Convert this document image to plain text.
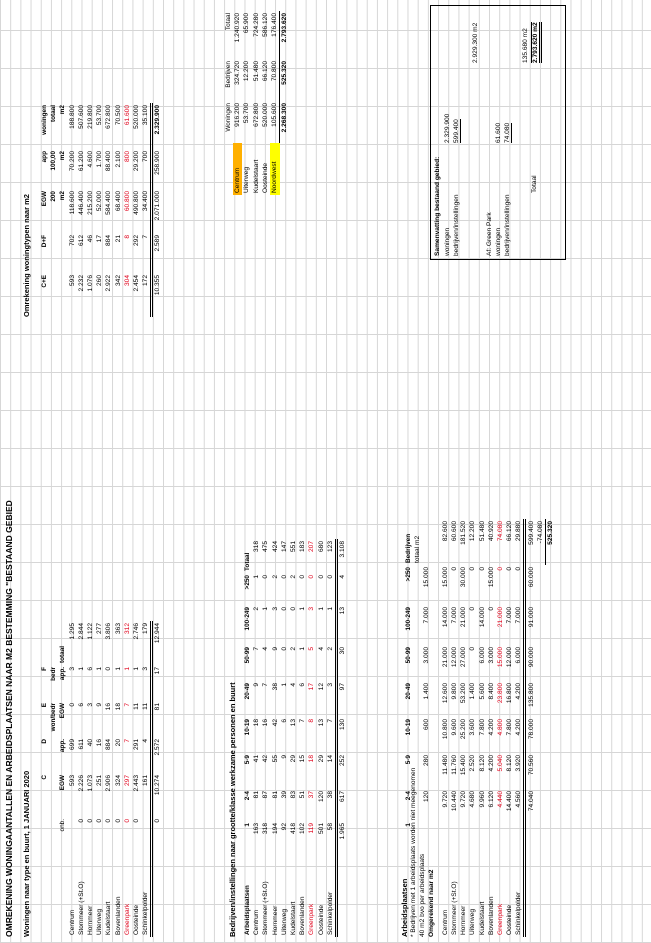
OMREKENING WONINGAANTALLEN EN ARBEIDSPLAATSEN NAAR M2 BESTEMMING "BESTAAND GEBIED Woningen naar type en buurt, 1 JANUARI 2020
		C	D	E	F	
				won/bedr	bedr	
	onb.	EGW	app.	EGW	app.	totaal
Centrum		593	699	0	3	1.295
Stommeer (+St.O)	0	2.226	611	6	1	2.844
Hornmeer	0	1.073	40	3	6	1.122
Uiterweg	0	251	16	9	1	277
Kudelstaart	0	2.906	884	16	0	3.806
Bovenlanden	0	324	20	18	1	363
Greenpark	0	297	7	7	1	312
Oosteinde	0	2.443	291	11	1	2.746
Schinkelpolder		161	4	11	3	179
	0	10.274	2.572	81	17	12.944
Bedrijven/instellingen naar grootte/klasse werkzame personen en buurt Arbeidsplaatsen	1	2-4	5-9	10-19	20-49	50-99	100-249	>250	Totaal
Centrum	163	81	41	18	9	7	2	1	318
Stommeer (+St.O)	318	87	42	16	7	4	1	0	475
Hornmeer	194	81	55	42	38	9	3	2	424
Uiterweg	92	39	9	6	1	0	0	0	147
Kudelstaart	418	83	29	13	4	2	0	2	551
Bovenlanden	102	51	15	7	6	1	1	0	183
Greenpark	119	37	18	8	17	5	3	0	207
Oosteinde	501	120	29	13	12	4	1	0	680
Schinkelpolder	58	38	14	7	3	2	1	0	123
	1.965	617	252	130	97	30	13	4	3.108
Arbeidsplaatsen * Bedrijven met 1 arbeidsplaats worden niet meegenomen 40 m2 bvo per arbeidsplaats Omgerekend naar m2
	1	2-4	5-9	10-19	20-49	50-99	100-249	>250	Bedrijven
									totaal m2
		120	280	600	1.400	3.000	7.000	15.000	

Centrum		9.720	11.480	10.800	12.600	21.000	14.000	15.000	82.600
Stommeer (+St.O)		10.440	11.760	9.600	9.800	12.000	7.000	0	60.600
Hornmeer		9.720	15.400	25.200	53.200	27.000	21.000	30.000	181.520
Uiterweg		4.680	2.520	3.600	1.400	0	0	0	12.200
Kudelstaart		9.960	8.120	7.800	5.600	6.000	14.000	0	51.480
Bovenlanden		6.120	4.200	4.200	8.400	3.000	0	15.000	40.920
Greenpark		4.440	5.040	4.800	23.800	15.000	21.000	0	74.080
Oosteinde		14.400	8.120	7.800	16.800	12.000	7.000	0	66.120
Schinkelpolder		4.560	3.920	4.200	4.200	6.000	7.000	0	29.880
		74.040	70.560	78.000	135.800	90.000	91.000	60.000	599.400
									-74.080
									525.320
Omrekening woningtypen naar m2 C+E	D+F	EGW	app	woningen
		200	100,00	totaal
		m2	m2	m2
593	702	118.600	70.200	188.800
2.232	612	446.400	61.200	507.600
1.076	46	215.200	4.600	219.800
260	17	52.000	1.700	53.700
2.922	884	584.400	88.400	672.800
342	21	68.400	2.100	70.500
304	8	60.800	800	61.600
2.454	292	490.800	29.200	520.000
172	7	34.400	700	35.100
10.355	2.589	2.071.000	258.900	2.329.900
		Woningen	Bedrijven	Totaal
Centrum	916.200	324.720	1.240.920
Uiterweg	53.700	12.200	65.900
Kudelstaart	672.800	51.480	724.280
Oosteinde	520.000	66.120	586.120
Noordwest	105.600	70.800	176.400
	2.268.300	525.320	2.793.620
Samenvatting bestaand gebied: woningen
2.329.900
bedrijven/instellingen
599.400
2.929.300 m2
Af: Green Park woningen
61.600
bedrijven/instellingen
74.080
135.680 m2
Totaal
2.793.620 m2
